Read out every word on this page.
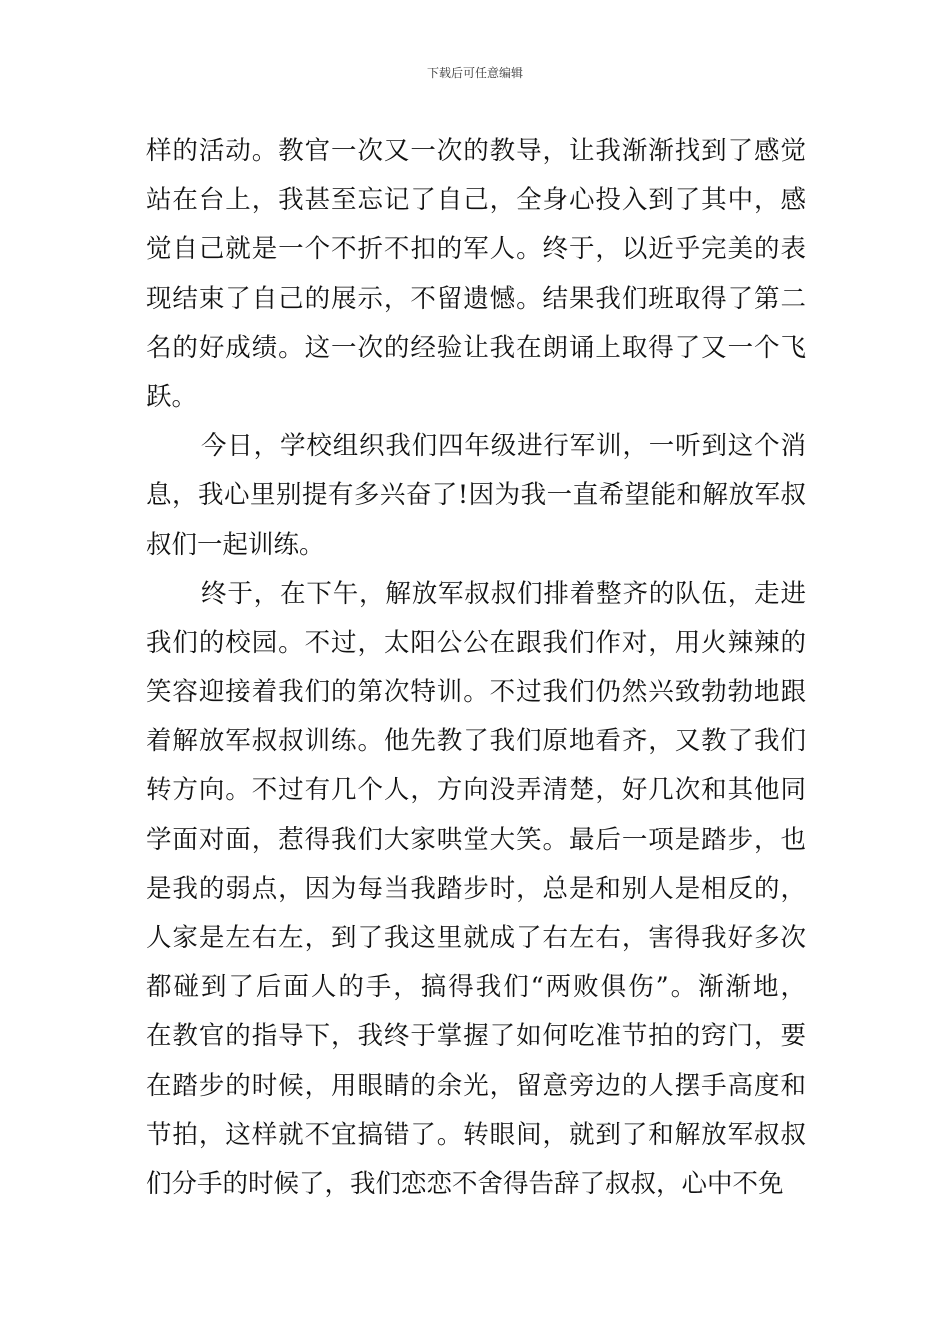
下载后可任意编辑
样的活动。教官一次又一次的教导，让我渐渐找到了感觉
站在台上，我甚至忘记了自己，全身心投入到了其中，感
觉自己就是一个不折不扣的军人。终于，以近乎完美的表
现结束了自己的展示，不留遗憾。结果我们班取得了第二
名的好成绩。这一次的经验让我在朗诵上取得了又一个飞
跃。
今日，学校组织我们四年级进行军训，一听到这个消
息，我心里别提有多兴奋了!因为我一直希望能和解放军叔
叔们一起训练。
终于，在下午，解放军叔叔们排着整齐的队伍，走进
我们的校园。不过，太阳公公在跟我们作对，用火辣辣的
笑容迎接着我们的第次特训。不过我们仍然兴致勃勃地跟
着解放军叔叔训练。他先教了我们原地看齐，又教了我们
转方向。不过有几个人，方向没弄清楚，好几次和其他同
学面对面，惹得我们大家哄堂大笑。最后一项是踏步，也
是我的弱点，因为每当我踏步时，总是和别人是相反的，
人家是左右左，到了我这里就成了右左右，害得我好多次
都碰到了后面人的手，搞得我们“两败俱伤”。渐渐地，
在教官的指导下，我终于掌握了如何吃准节拍的窍门，要
在踏步的时候，用眼睛的余光，留意旁边的人摆手高度和
节拍，这样就不宜搞错了。转眼间，就到了和解放军叔叔
们分手的时候了，我们恋恋不舍得告辞了叔叔，心中不免
